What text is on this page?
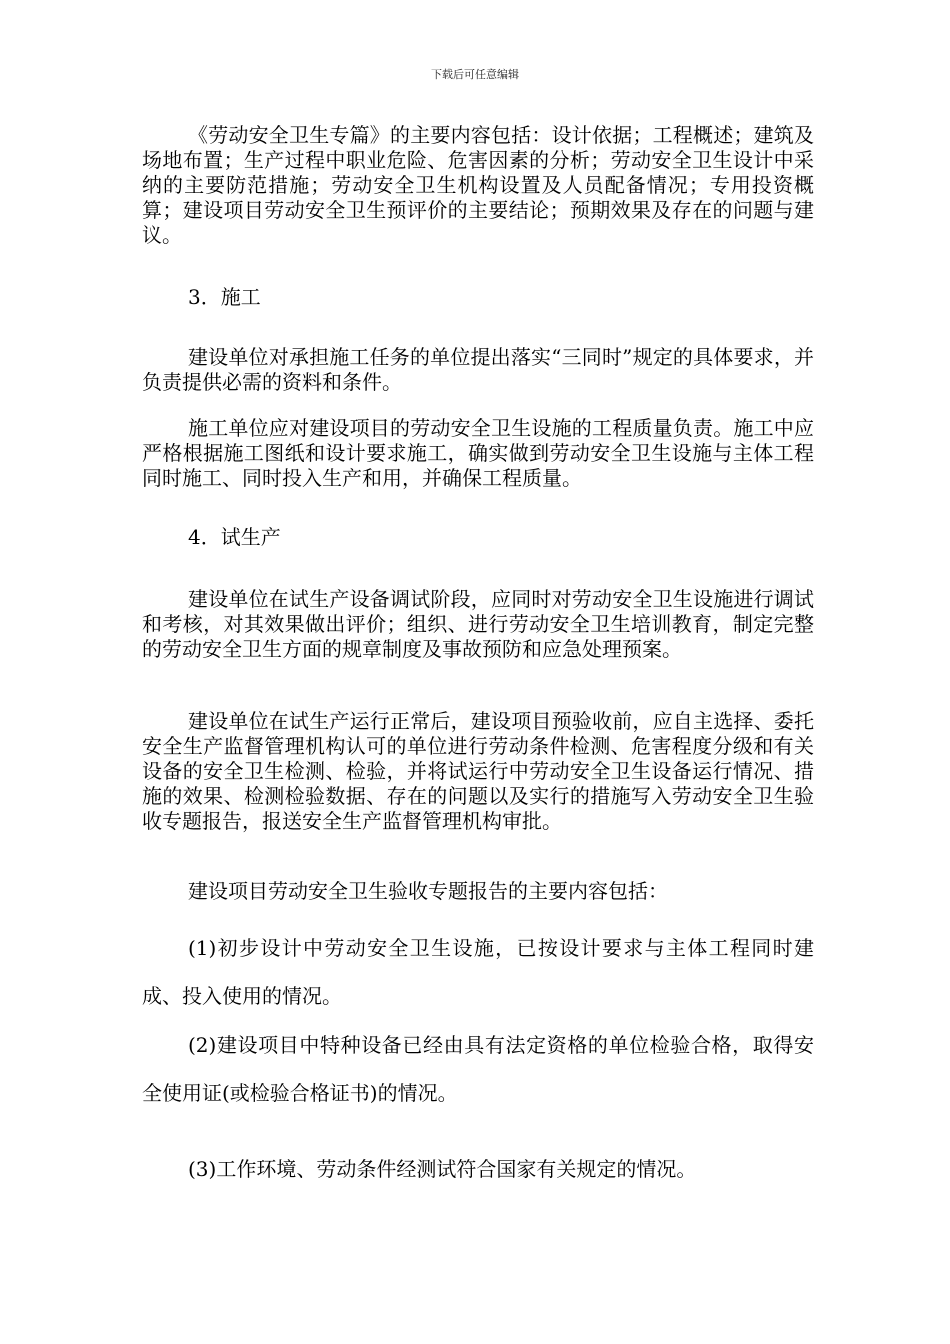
下载后可任意编辑

《劳动安全卫生专篇》的主要内容包括：设计依据；工程概述；建筑及场地布置；生产过程中职业危险、危害因素的分析；劳动安全卫生设计中采纳的主要防范措施；劳动安全卫生机构设置及人员配备情况；专用投资概算；建设项目劳动安全卫生预评价的主要结论；预期效果及存在的问题与建议。

3．施工

建设单位对承担施工任务的单位提出落实“三同时”规定的具体要求，并负责提供必需的资料和条件。

施工单位应对建设项目的劳动安全卫生设施的工程质量负责。施工中应严格根据施工图纸和设计要求施工，确实做到劳动安全卫生设施与主体工程同时施工、同时投入生产和用，并确保工程质量。

4．试生产

建设单位在试生产设备调试阶段，应同时对劳动安全卫生设施进行调试和考核，对其效果做出评价；组织、进行劳动安全卫生培训教育，制定完整的劳动安全卫生方面的规章制度及事故预防和应急处理预案。

建设单位在试生产运行正常后，建设项目预验收前，应自主选择、委托安全生产监督管理机构认可的单位进行劳动条件检测、危害程度分级和有关设备的安全卫生检测、检验，并将试运行中劳动安全卫生设备运行情况、措施的效果、检测检验数据、存在的问题以及实行的措施写入劳动安全卫生验收专题报告，报送安全生产监督管理机构审批。

建设项目劳动安全卫生验收专题报告的主要内容包括：

(1)初步设计中劳动安全卫生设施，已按设计要求与主体工程同时建成、投入使用的情况。

(2)建设项目中特种设备已经由具有法定资格的单位检验合格，取得安全使用证(或检验合格证书)的情况。

(3)工作环境、劳动条件经测试符合国家有关规定的情况。
